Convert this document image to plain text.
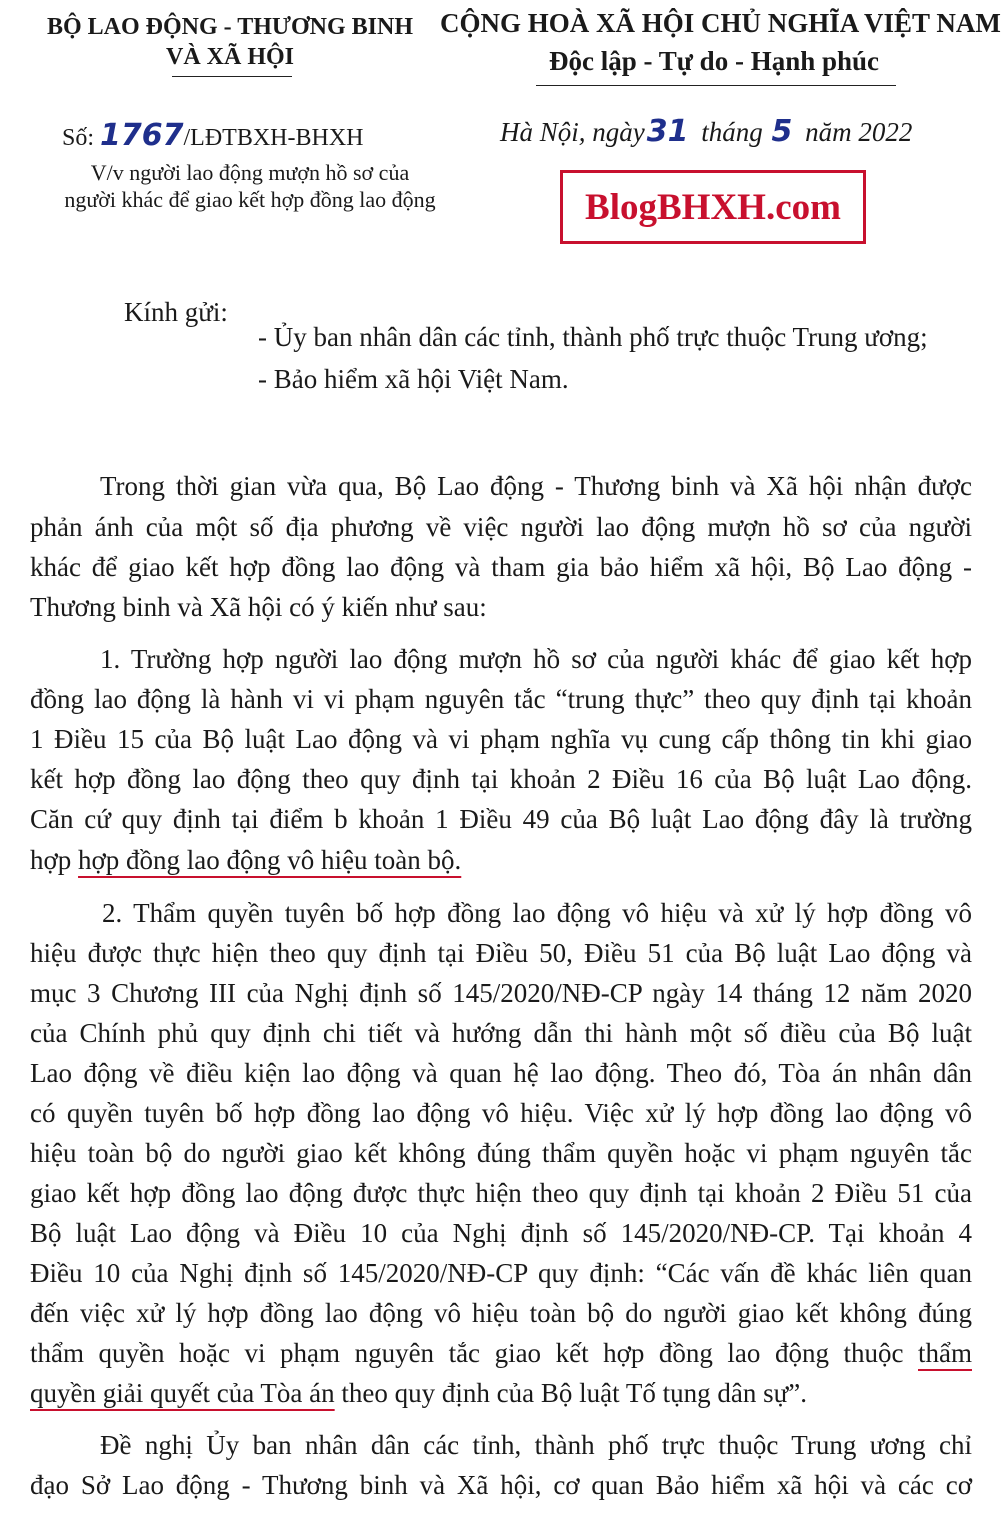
BỘ LAO ĐỘNG - THƯƠNG BINH
VÀ XÃ HỘI
CỘNG HOÀ XÃ HỘI CHỦ NGHĨA VIỆT NAM
Độc lập - Tự do - Hạnh phúc
Số: 1767/LĐTBXH-BHXH
V/v người lao động mượn hồ sơ của
người khác để giao kết hợp đồng lao động
Hà Nội, ngày31 tháng 5 năm 2022
BlogBHXH.com
Kính gửi:
- Ủy ban nhân dân các tỉnh, thành phố trực thuộc Trung ương;
- Bảo hiểm xã hội Việt Nam.
Trong thời gian vừa qua, Bộ Lao động - Thương binh và Xã hội nhận được
phản ánh của một số địa phương về việc người lao động mượn hồ sơ của người
khác để giao kết hợp đồng lao động và tham gia bảo hiểm xã hội, Bộ Lao động -
Thương binh và Xã hội có ý kiến như sau:
1. Trường hợp người lao động mượn hồ sơ của người khác để giao kết hợp
đồng lao động là hành vi vi phạm nguyên tắc “trung thực” theo quy định tại khoản
1 Điều 15 của Bộ luật Lao động và vi phạm nghĩa vụ cung cấp thông tin khi giao
kết hợp đồng lao động theo quy định tại khoản 2 Điều 16 của Bộ luật Lao động.
Căn cứ quy định tại điểm b khoản 1 Điều 49 của Bộ luật Lao động đây là trường
hợp hợp đồng lao động vô hiệu toàn bộ.
2. Thẩm quyền tuyên bố hợp đồng lao động vô hiệu và xử lý hợp đồng vô
hiệu được thực hiện theo quy định tại Điều 50, Điều 51 của Bộ luật Lao động và
mục 3 Chương III của Nghị định số 145/2020/NĐ-CP ngày 14 tháng 12 năm 2020
của Chính phủ quy định chi tiết và hướng dẫn thi hành một số điều của Bộ luật
Lao động về điều kiện lao động và quan hệ lao động. Theo đó, Tòa án nhân dân
có quyền tuyên bố hợp đồng lao động vô hiệu. Việc xử lý hợp đồng lao động vô
hiệu toàn bộ do người giao kết không đúng thẩm quyền hoặc vi phạm nguyên tắc
giao kết hợp đồng lao động được thực hiện theo quy định tại khoản 2 Điều 51 của
Bộ luật Lao động và Điều 10 của Nghị định số 145/2020/NĐ-CP. Tại khoản 4
Điều 10 của Nghị định số 145/2020/NĐ-CP quy định: “Các vấn đề khác liên quan
đến việc xử lý hợp đồng lao động vô hiệu toàn bộ do người giao kết không đúng
thẩm quyền hoặc vi phạm nguyên tắc giao kết hợp đồng lao động thuộc thẩm
quyền giải quyết của Tòa án theo quy định của Bộ luật Tố tụng dân sự”.
Đề nghị Ủy ban nhân dân các tỉnh, thành phố trực thuộc Trung ương chỉ
đạo Sở Lao động - Thương binh và Xã hội, cơ quan Bảo hiểm xã hội và các cơ
